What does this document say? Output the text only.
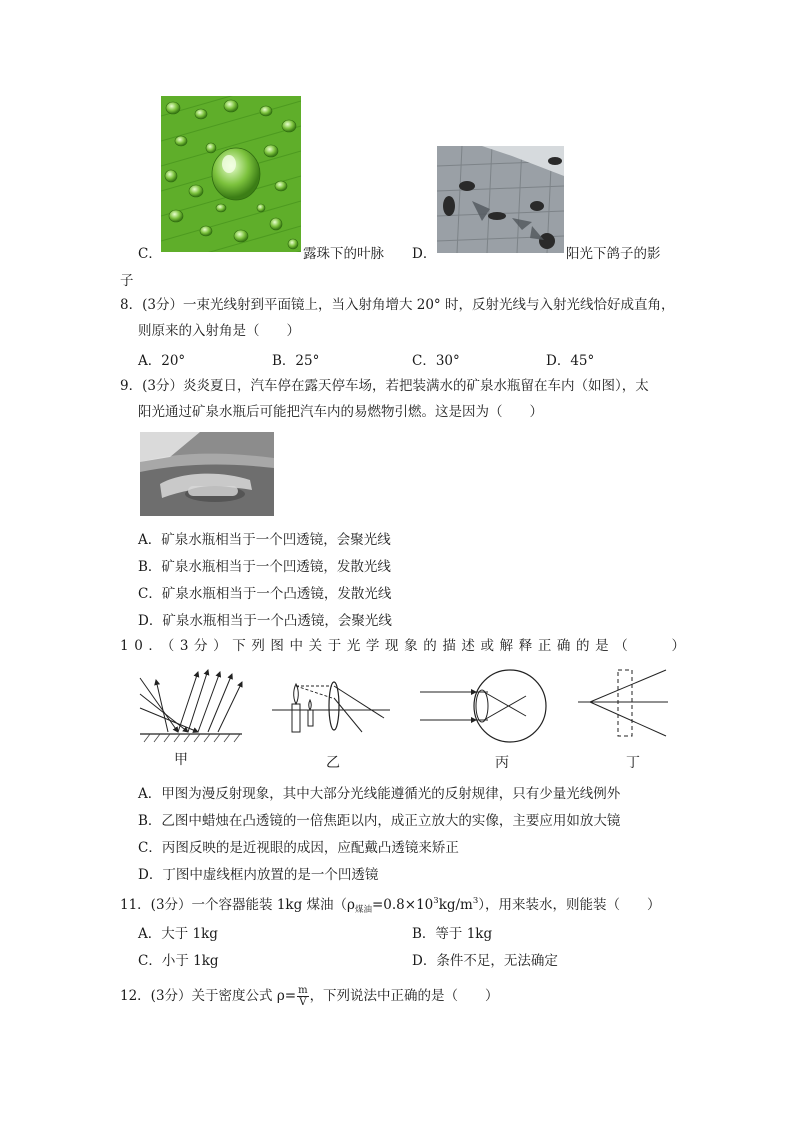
C．	露珠下的叶脉 D．	阳光下鸽子的影
子
8．(3分）一束光线射到平面镜上，当入射角增大 20° 时，反射光线与入射光线恰好成直角，
则原来的入射角是（　　）
A．20°	B．25°	C．30°	D．45°
9．(3分）炎炎夏日，汽车停在露天停车场，若把装满水的矿泉水瓶留在车内（如图），太
阳光通过矿泉水瓶后可能把汽车内的易燃物引燃。这是因为（　　）
A．矿泉水瓶相当于一个凹透镜，会聚光线
B．矿泉水瓶相当于一个凹透镜，发散光线
C．矿泉水瓶相当于一个凸透镜，发散光线
D．矿泉水瓶相当于一个凸透镜，会聚光线
10．（3分）下列图中关于光学现象的描述或解释正确的是（　　）
甲	乙	丙	丁
A．甲图为漫反射现象，其中大部分光线能遵循光的反射规律，只有少量光线例外
B．乙图中蜡烛在凸透镜的一倍焦距以内，成正立放大的实像，主要应用如放大镜
C．丙图反映的是近视眼的成因，应配戴凸透镜来矫正
D．丁图中虚线框内放置的是一个凹透镜
11．(3分）一个容器能装 1kg 煤油$(\rho_{煤油}=0.8\times 10^3kg/m^3)$，用来装水，则能装（　　）
A．大于 1kg	B．等于 1kg
C．小于 1kg	D．条件不足，无法确定
12．(3分）关于密度公式 $\rho= \frac{m}{V}$ ，下列说法中正确的是（　　）
